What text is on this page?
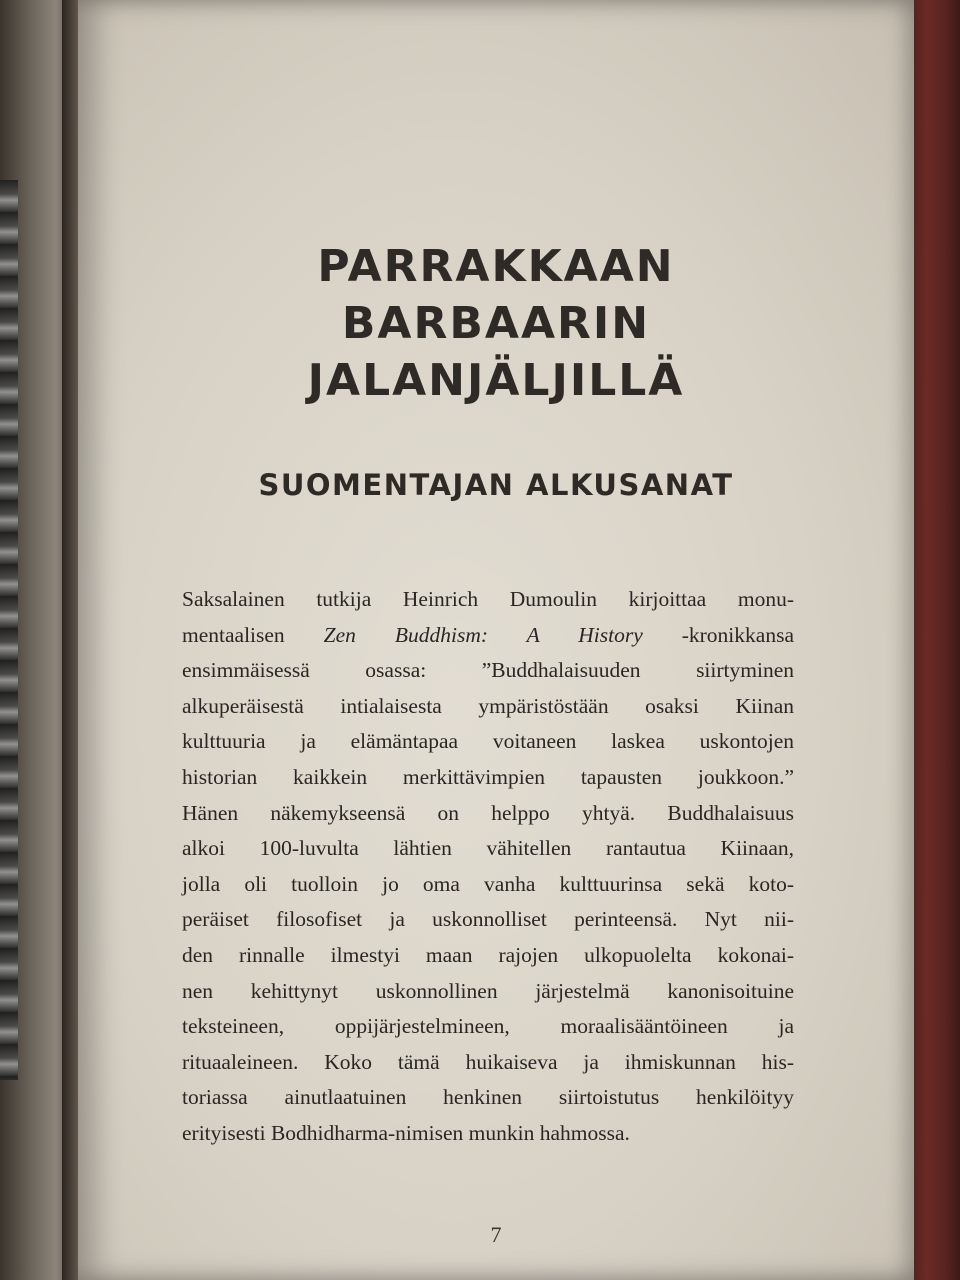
PARRAKKAAN
BARBAARIN
JALANJÄLJILLÄ
SUOMENTAJAN ALKUSANAT

Saksalainen tutkija Heinrich Dumoulin kirjoittaa monu-
mentaalisen Zen Buddhism: A History -kronikkansa
ensimmäisessä osassa: ”Buddhalaisuuden siirtyminen
alkuperäisestä intialaisesta ympäristöstään osaksi Kiinan
kulttuuria ja elämäntapaa voitaneen laskea uskontojen
historian kaikkein merkittävimpien tapausten joukkoon.”
Hänen näkemykseensä on helppo yhtyä. Buddhalaisuus
alkoi 100-luvulta lähtien vähitellen rantautua Kiinaan,
jolla oli tuolloin jo oma vanha kulttuurinsa sekä koto-
peräiset filosofiset ja uskonnolliset perinteensä. Nyt nii-
den rinnalle ilmestyi maan rajojen ulkopuolelta kokonai-
nen kehittynyt uskonnollinen järjestelmä kanonisoituine
teksteineen, oppijärjestelmineen, moraalisääntöineen ja
rituaaleineen. Koko tämä huikaiseva ja ihmiskunnan his-
toriassa ainutlaatuinen henkinen siirtoistutus henkilöityy
erityisesti Bodhidharma-nimisen munkin hahmossa.

7
